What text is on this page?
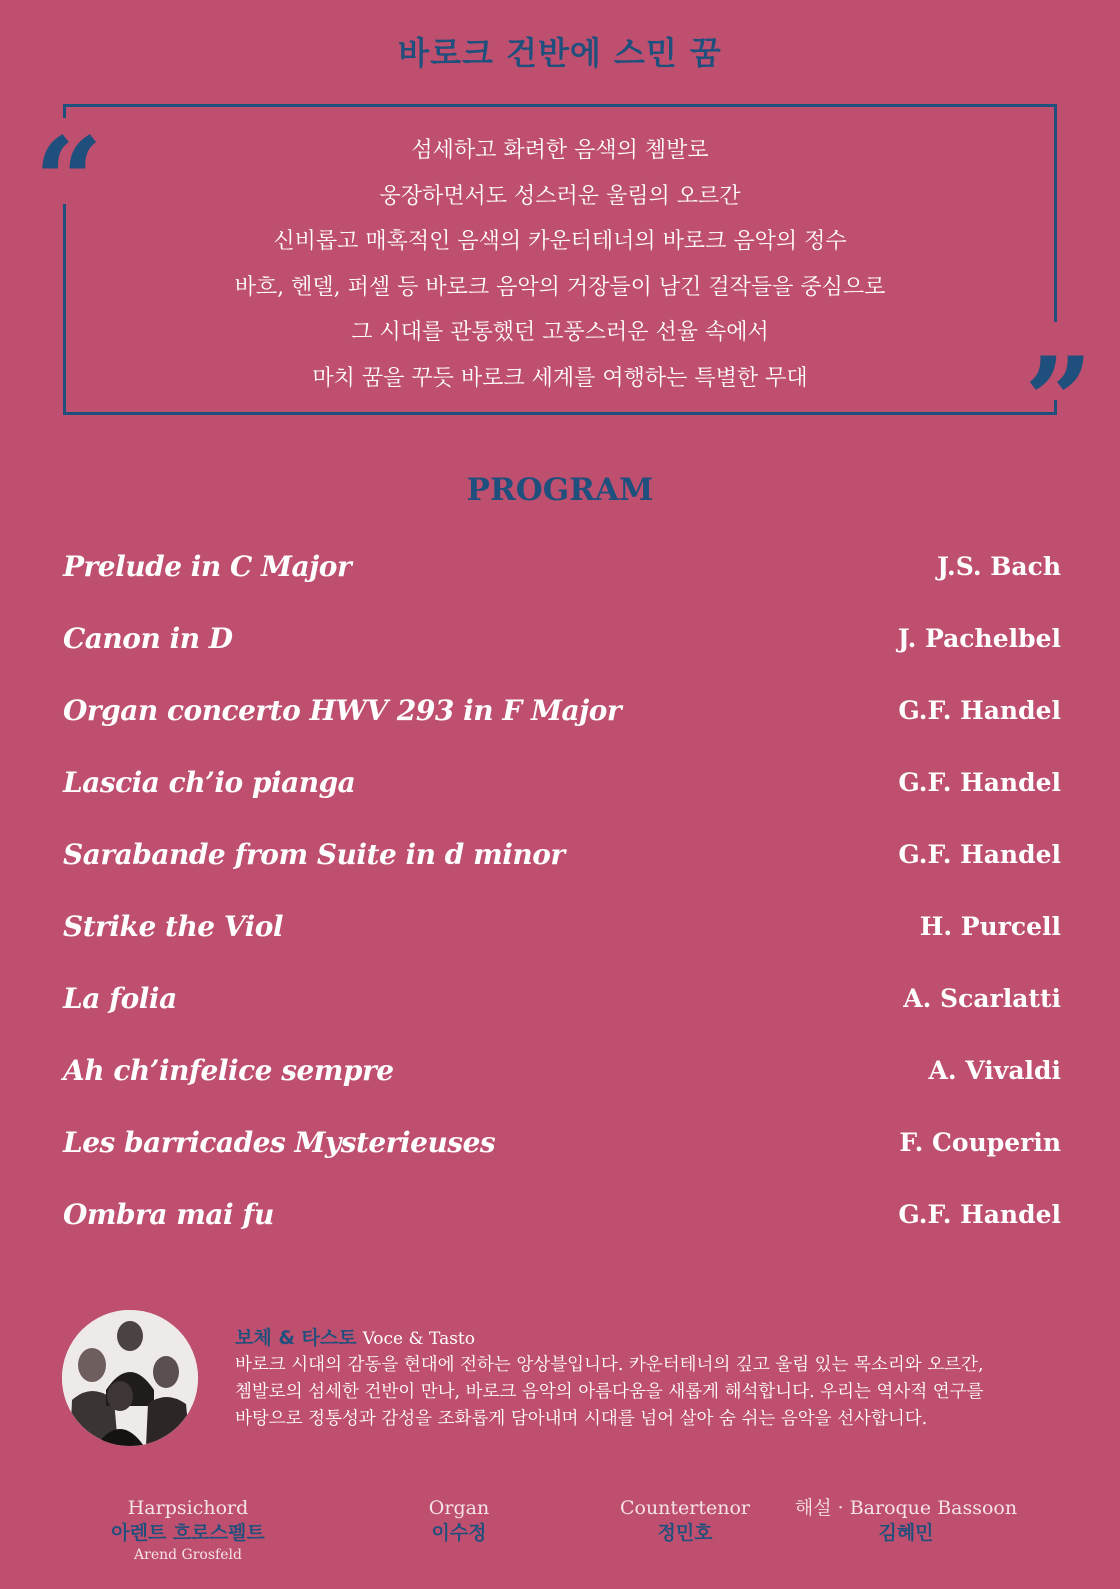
바로크 건반에 스민 꿈
“
”
섬세하고 화려한 음색의 쳄발로
웅장하면서도 성스러운 울림의 오르간
신비롭고 매혹적인 음색의 카운터테너의 바로크 음악의 정수
바흐, 헨델, 퍼셀 등 바로크 음악의 거장들이 남긴 걸작들을 중심으로
그 시대를 관통했던 고풍스러운 선율 속에서
마치 꿈을 꾸듯 바로크 세계를 여행하는 특별한 무대
PROGRAM
Prelude in C Major	J.S. Bach
Canon in D	J. Pachelbel
Organ concerto HWV 293 in F Major	G.F. Handel
Lascia ch’io pianga	G.F. Handel
Sarabande from Suite in d minor	G.F. Handel
Strike the Viol	H. Purcell
La folia	A. Scarlatti
Ah ch’infelice sempre	A. Vivaldi
Les barricades Mysterieuses	F. Couperin
Ombra mai fu	G.F. Handel
보체 & 타스토 Voce & Tasto
바로크 시대의 감동을 현대에 전하는 앙상블입니다. 카운터테너의 깊고 울림 있는 목소리와 오르간,
쳄발로의 섬세한 건반이 만나, 바로크 음악의 아름다움을 새롭게 해석합니다. 우리는 역사적 연구를
바탕으로 정통성과 감성을 조화롭게 담아내며 시대를 넘어 살아 숨 쉬는 음악을 선사합니다.
Harpsichord
아렌트 흐로스펠트
Arend Grosfeld
Organ
이수정
Countertenor
정민호
해설 · Baroque Bassoon
김혜민
